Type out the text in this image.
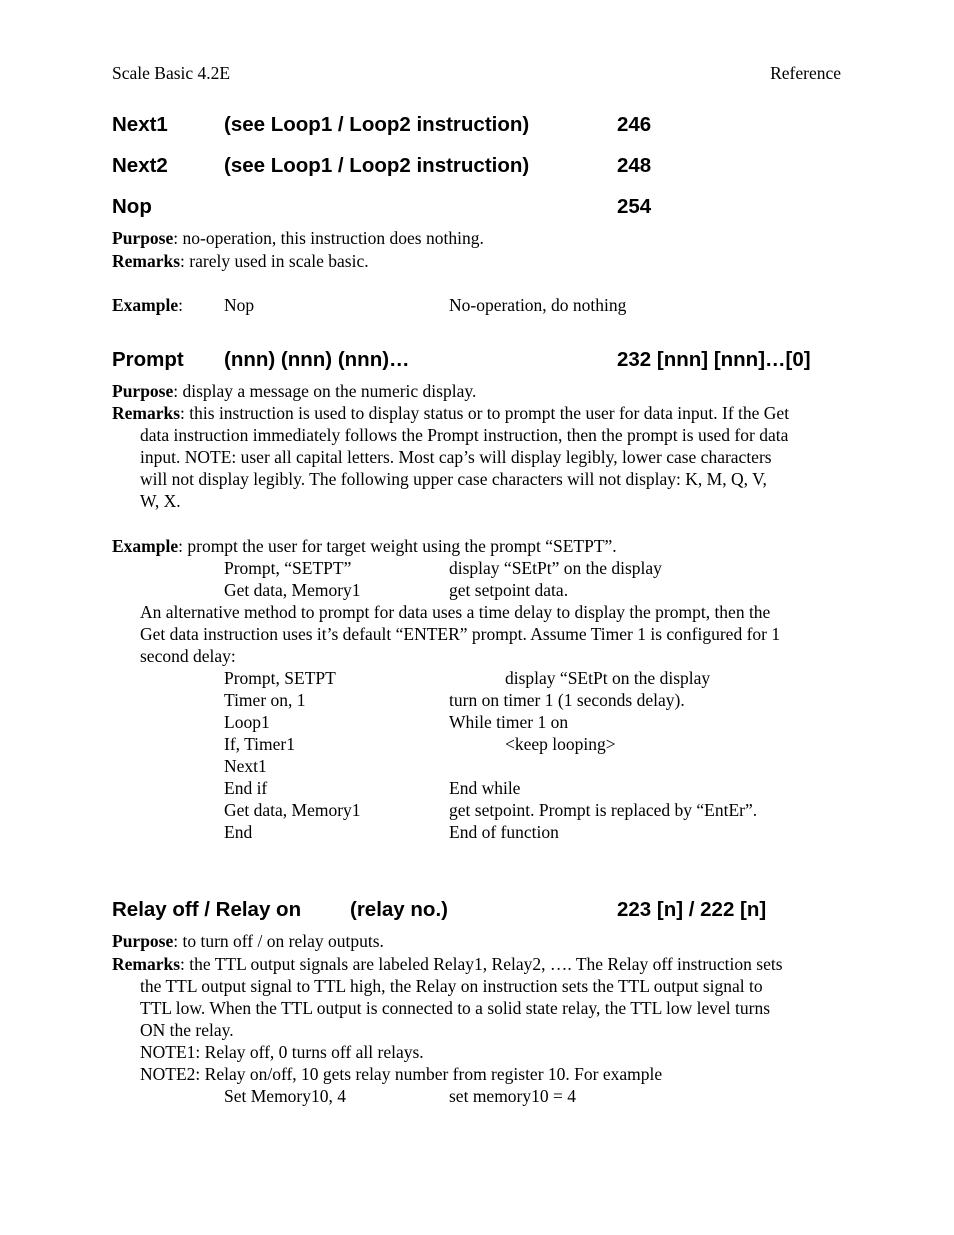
Scale Basic 4.2E	Reference
Next1	(see Loop1 / Loop2 instruction)	246
Next2	(see Loop1 / Loop2 instruction)	248
Nop	254
Purpose: no-operation, this instruction does nothing.
Remarks: rarely used in scale basic.
Example: Nop	No-operation, do nothing
Prompt (nnn) (nnn) (nnn)…	232 [nnn] [nnn]…[0]
Purpose: display a message on the numeric display.
Remarks: this instruction is used to display status or to prompt the user for data input. If the Get
data instruction immediately follows the Prompt instruction, then the prompt is used for data
input. NOTE: user all capital letters. Most cap’s will display legibly, lower case characters
will not display legibly. The following upper case characters will not display: K, M, Q, V,
W, X.
Example: prompt the user for target weight using the prompt “SETPT”.
Prompt, “SETPT”	display “SEtPt” on the display
Get data, Memory1	get setpoint data.
An alternative method to prompt for data uses a time delay to display the prompt, then the
Get data instruction uses it’s default “ENTER” prompt. Assume Timer 1 is configured for 1
second delay:
Prompt, SETPT	display “SEtPt on the display
Timer on, 1	turn on timer 1 (1 seconds delay).
Loop1	While timer 1 on
If, Timer1	<keep looping>
Next1
End if	End while
Get data, Memory1	get setpoint. Prompt is replaced by “EntEr”.
End	End of function
Relay off / Relay on (relay no.)	223 [n] / 222 [n]
Purpose: to turn off / on relay outputs.
Remarks: the TTL output signals are labeled Relay1, Relay2, …. The Relay off instruction sets
the TTL output signal to TTL high, the Relay on instruction sets the TTL output signal to
TTL low. When the TTL output is connected to a solid state relay, the TTL low level turns
ON the relay.
NOTE1: Relay off, 0 turns off all relays.
NOTE2: Relay on/off, 10 gets relay number from register 10. For example
Set Memory10, 4	set memory10 = 4
